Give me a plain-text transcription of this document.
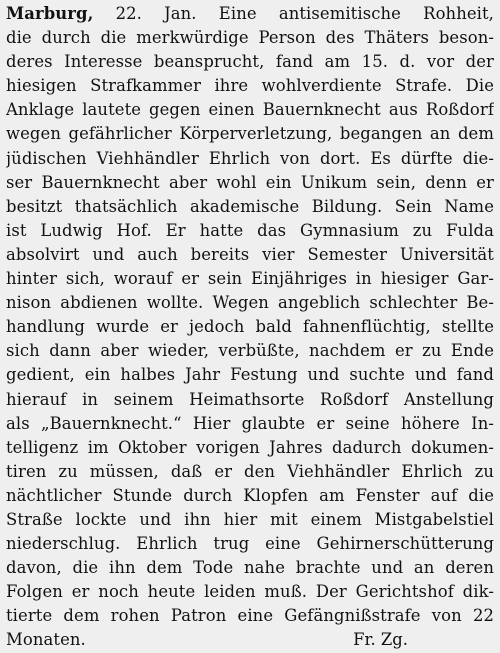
Marburg, 22. Jan. Eine antisemitische Rohheit,
die durch die merkwürdige Person des Thäters beson-
deres Interesse beansprucht, fand am 15. d. vor der
hiesigen Strafkammer ihre wohlverdiente Strafe. Die
Anklage lautete gegen einen Bauernknecht aus Roßdorf
wegen gefährlicher Körperverletzung, begangen an dem
jüdischen Viehhändler Ehrlich von dort. Es dürfte die-
ser Bauernknecht aber wohl ein Unikum sein, denn er
besitzt thatsächlich akademische Bildung. Sein Name
ist Ludwig Hof. Er hatte das Gymnasium zu Fulda
absolvirt und auch bereits vier Semester Universität
hinter sich, worauf er sein Einjähriges in hiesiger Gar-
nison abdienen wollte. Wegen angeblich schlechter Be-
handlung wurde er jedoch bald fahnenflüchtig, stellte
sich dann aber wieder, verbüßte, nachdem er zu Ende
gedient, ein halbes Jahr Festung und suchte und fand
hierauf in seinem Heimathsorte Roßdorf Anstellung
als „Bauernknecht.“ Hier glaubte er seine höhere In-
telligenz im Oktober vorigen Jahres dadurch dokumen-
tiren zu müssen, daß er den Viehhändler Ehrlich zu
nächtlicher Stunde durch Klopfen am Fenster auf die
Straße lockte und ihn hier mit einem Mistgabelstiel
niederschlug. Ehrlich trug eine Gehirnerschütterung
davon, die ihn dem Tode nahe brachte und an deren
Folgen er noch heute leiden muß. Der Gerichtshof dik-
tierte dem rohen Patron eine Gefängnißstrafe von 22
Monaten.	Fr. Zg.
